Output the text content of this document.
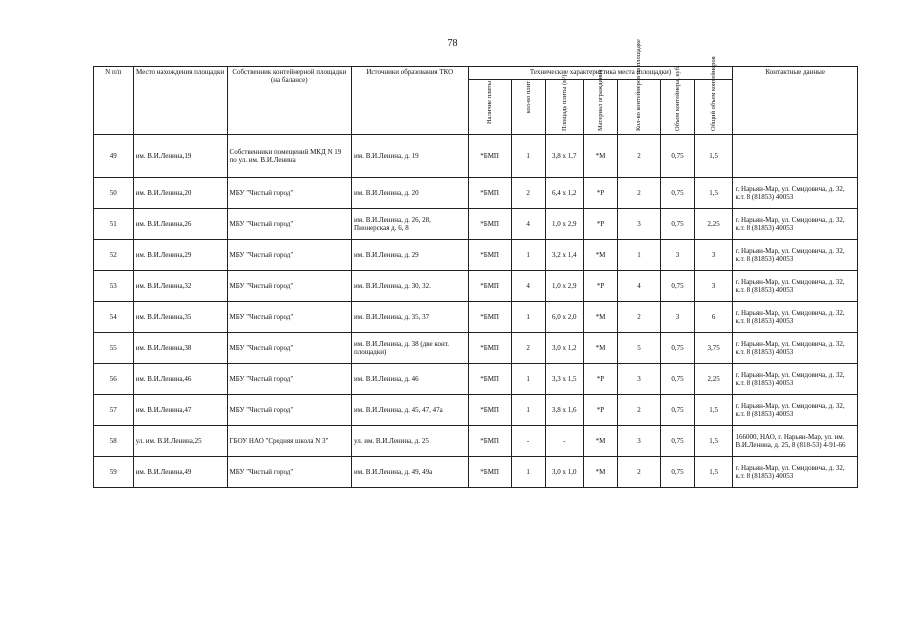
78
N п/п	Место нахождения площадки	Собственник контейнерной площадки (на балансе)	Источники образования ТКО	Технические характеристика места (площадки)							Контактные данные
				Наличие плиты	кол-во плит	Площадь плиты (м²)	Материал ограждения	Кол-во контейнеров на площадке	Объем контейнера, куб.	Общий объем контейнеров	
49	им. В.И.Ленина,19	Собственники помещений МКД N 19 по ул. им. В.И.Ленина	им. В.И.Ленина, д. 19	*БМП	1	3,8 х 1,7	*М	2	0,75	1,5	
50	им. В.И.Ленина,20	МБУ "Чистый город"	им. В.И.Ленина, д. 20	*БМП	2	6,4 х 1,2	*Р	2	0,75	1,5	г. Нарьян-Мар, ул. Смидовича, д. 32, к.т. 8 (81853) 40053
51	им. В.И.Ленина,26	МБУ "Чистый город"	им. В.И.Ленина, д. 26, 28, Пионерская д. 6, 8	*БМП	4	1,0 х 2,9	*Р	3	0,75	2,25	г. Нарьян-Мар, ул. Смидовича, д. 32, к.т. 8 (81853) 40053
52	им. В.И.Ленина,29	МБУ "Чистый город"	им. В.И.Ленина, д. 29	*БМП	1	3,2 х 1,4	*М	1	3	3	г. Нарьян-Мар, ул. Смидовича, д. 32, к.т. 8 (81853) 40053
53	им. В.И.Ленина,32	МБУ "Чистый город"	им. В.И.Ленина, д. 30, 32.	*БМП	4	1,0 х 2,9	*Р	4	0,75	3	г. Нарьян-Мар, ул. Смидовича, д. 32, к.т. 8 (81853) 40053
54	им. В.И.Ленина,35	МБУ "Чистый город"	им. В.И.Ленина, д. 35, 37	*БМП	1	6,0 х 2,0	*М	2	3	6	г. Нарьян-Мар, ул. Смидовича, д. 32, к.т. 8 (81853) 40053
55	им. В.И.Ленина,38	МБУ "Чистый город"	им. В.И.Ленина, д. 38 (две конт. площадки)	*БМП	2	3,0 х 1,2	*М	5	0,75	3,75	г. Нарьян-Мар, ул. Смидовича, д. 32, к.т. 8 (81853) 40053
56	им. В.И.Ленина,46	МБУ "Чистый город"	им. В.И.Ленина, д. 46	*БМП	1	3,3 х 1,5	*Р	3	0,75	2,25	г. Нарьян-Мар, ул. Смидовича, д. 32, к.т. 8 (81853) 40053
57	им. В.И.Ленина,47	МБУ "Чистый город"	им. В.И.Ленина, д. 45, 47, 47а	*БМП	1	3,8 х 1,6	*Р	2	0,75	1,5	г. Нарьян-Мар, ул. Смидовича, д. 32, к.т. 8 (81853) 40053
58	ул. им. В.И.Ленина,25	ГБОУ НАО "Средняя школа N 3"	ул. им. В.И.Ленина, д. 25	*БМП	-	-	*М	3	0,75	1,5	166000, НАО, г. Нарьян-Мар, ул. им. В.И.Ленина, д. 25, 8 (818-53) 4-91-66
59	им. В.И.Ленина,49	МБУ "Чистый город"	им. В.И.Ленина, д. 49, 49а	*БМП	1	3,0 х 1,0	*М	2	0,75	1,5	г. Нарьян-Мар, ул. Смидовича, д. 32, к.т. 8 (81853) 40053
